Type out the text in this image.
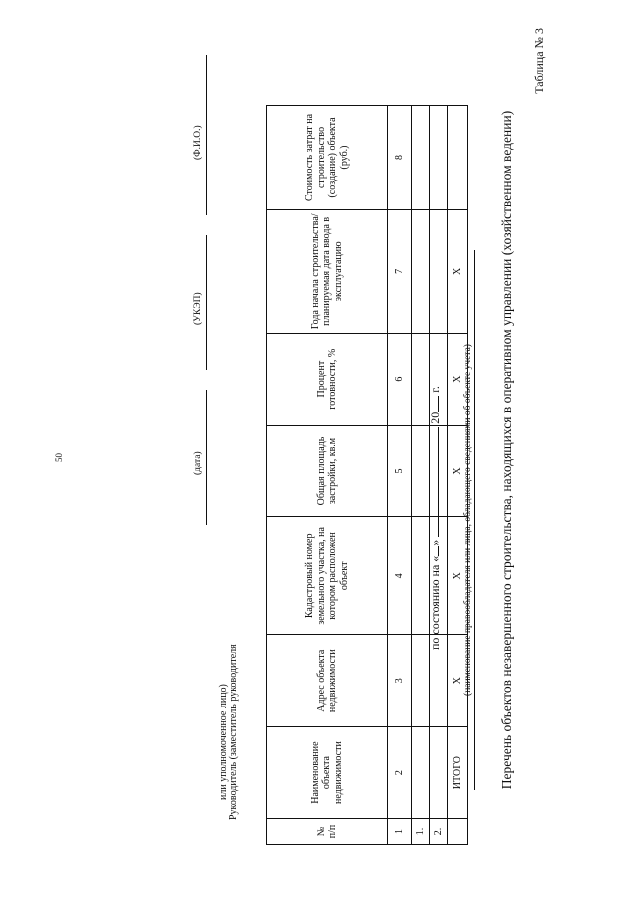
50
Таблица № 3
Перечень объектов незавершенного строительства, находящихся в оперативном управлении (хозяйственном ведении)
(наименование правообладателя или лица, обладающего сведениями об объекте учета)
по состоянию на «»  20 г.
№ п/п	Наименование объекта недвижимости	Адрес объекта недвижимости	Кадастровый номер земельного участка, на котором расположен объект	Общая площадь застройки, кв.м	Процент готовности, %	Года начала строительства/ планируемая дата ввода в эксплуатацию	Стоимость затрат на строительство (создание) объекта (руб.)
1	2	3	4	5	6	7	8
1.							
2.							
	ИТОГО	Х	Х	Х	Х	Х	
Руководитель (заместитель руководителя
или уполномоченное лицо)
(дата)
(УКЭП)
(Ф.И.О.)
